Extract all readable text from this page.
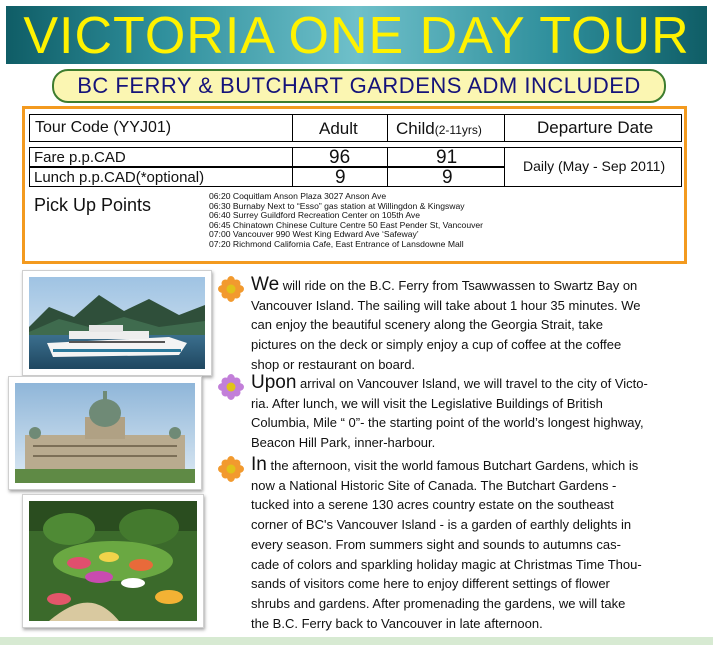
VICTORIA ONE DAY TOUR
BC FERRY & BUTCHART GARDENS ADM INCLUDED
Tour Code (YYJ01)	Adult Child(2-11yrs)	Departure Date
Fare p.p.CAD	96	91
Lunch p.p.CAD(*optional)	9	9
Daily (May - Sep 2011)
Pick Up Points	06:20 Coquitlam Anson Plaza 3027 Anson Ave
06:30 Burnaby Next to “Esso” gas station at Willingdon & Kingsway
06:40 Surrey Guildford Recreation Center on 105th Ave
06:45 Chinatown Chinese Culture Centre 50 East Pender St, Vancouver
07:00 Vancouver 990 West King Edward Ave ‘Safeway’
07:20 Richmond California Cafe, East Entrance of Lansdowne Mall
We will ride on the B.C. Ferry from Tsawwassen to Swartz Bay on
Vancouver Island. The sailing will take about 1 hour 35 minutes. We
can enjoy the beautiful scenery along the Georgia Strait, take
pictures on the deck or simply enjoy a cup of coffee at the coffee
shop or restaurant on board.
Upon arrival on Vancouver Island, we will travel to the city of Victo-
ria. After lunch, we will visit the Legislative Buildings of British
Columbia, Mile “ 0”- the starting point of the world’s longest highway,
Beacon Hill Park, inner-harbour.
In the afternoon, visit the world famous Butchart Gardens, which is
now a National Historic Site of Canada. The Butchart Gardens -
tucked into a serene 130 acres country estate on the southeast
corner of BC's Vancouver Island - is a garden of earthly delights in
every season. From summers sight and sounds to autumns cas-
cade of colors and sparkling holiday magic at Christmas Time Thou-
sands of visitors come here to enjoy different settings of flower
shrubs and gardens. After promenading the gardens, we will take
the B.C. Ferry back to Vancouver in late afternoon.
